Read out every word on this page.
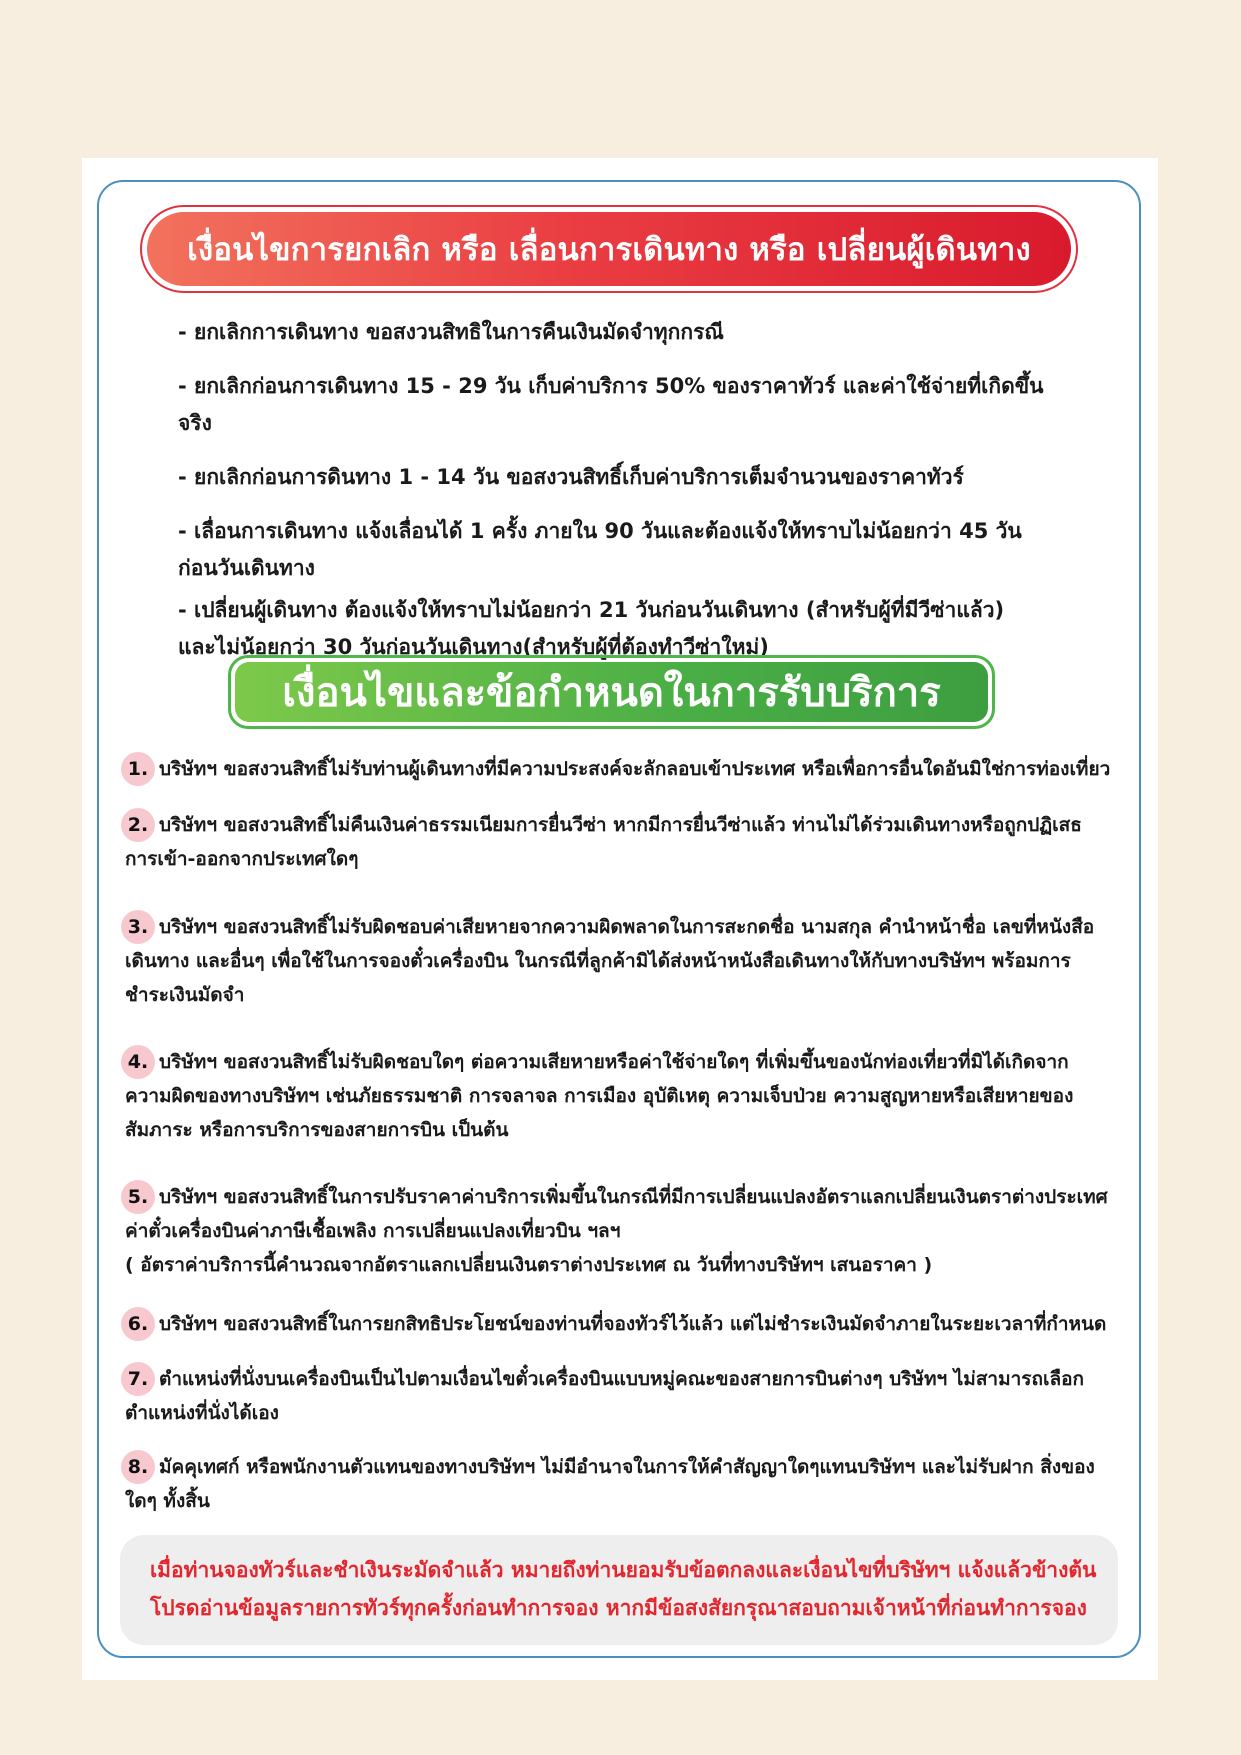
เงื่อนไขการยกเลิก หรือ เลื่อนการเดินทาง หรือ เปลี่ยนผู้เดินทาง
- ยกเลิกการเดินทาง ขอสงวนสิทธิในการคืนเงินมัดจำทุกกรณี
- ยกเลิกก่อนการเดินทาง 15 - 29 วัน เก็บค่าบริการ 50% ของราคาทัวร์ และค่าใช้จ่ายที่เกิดขึ้นจริง
- ยกเลิกก่อนการดินทาง 1 - 14 วัน ขอสงวนสิทธิ์เก็บค่าบริการเต็มจำนวนของราคาทัวร์
- เลื่อนการเดินทาง แจ้งเลื่อนได้ 1 ครั้ง ภายใน 90 วันและต้องแจ้งให้ทราบไม่น้อยกว่า 45 วัน ก่อนวันเดินทาง
- เปลี่ยนผู้เดินทาง ต้องแจ้งให้ทราบไม่น้อยกว่า 21 วันก่อนวันเดินทาง (สำหรับผู้ที่มีวีซ่าแล้ว) และไม่น้อยกว่า 30 วันก่อนวันเดินทาง(สำหรับผู้ที่ต้องทำวีซ่าใหม่)
เงื่อนไขและข้อกำหนดในการรับบริการ
1. บริษัทฯ ขอสงวนสิทธิ์ไม่รับท่านผู้เดินทางที่มีความประสงค์จะลักลอบเข้าประเทศ หรือเพื่อการอื่นใดอันมิใช่การท่องเที่ยว
2. บริษัทฯ ขอสงวนสิทธิ์ไม่คืนเงินค่าธรรมเนียมการยื่นวีซ่า หากมีการยื่นวีซ่าแล้ว ท่านไม่ได้ร่วมเดินทางหรือถูกปฏิเสธ การเข้า-ออกจากประเทศใดๆ
3. บริษัทฯ ขอสงวนสิทธิ์ไม่รับผิดชอบค่าเสียหายจากความผิดพลาดในการสะกดชื่อ นามสกุล คำนำหน้าชื่อ เลขที่หนังสือ เดินทาง และอื่นๆ เพื่อใช้ในการจองตั๋วเครื่องบิน ในกรณีที่ลูกค้ามิได้ส่งหน้าหนังสือเดินทางให้กับทางบริษัทฯ พร้อมการ ชำระเงินมัดจำ
4. บริษัทฯ ขอสงวนสิทธิ์ไม่รับผิดชอบใดๆ ต่อความเสียหายหรือค่าใช้จ่ายใดๆ ที่เพิ่มขึ้นของนักท่องเที่ยวที่มิได้เกิดจาก ความผิดของทางบริษัทฯ เช่นภัยธรรมชาติ การจลาจล การเมือง อุบัติเหตุ ความเจ็บป่วย ความสูญหายหรือเสียหายของ สัมภาระ หรือการบริการของสายการบิน เป็นต้น
5. บริษัทฯ ขอสงวนสิทธิ์ในการปรับราคาค่าบริการเพิ่มขึ้นในกรณีที่มีการเปลี่ยนแปลงอัตราแลกเปลี่ยนเงินตราต่างประเทศ ค่าตั๋วเครื่องบินค่าภาษีเชื้อเพลิง การเปลี่ยนแปลงเที่ยวบิน ฯลฯ
( อัตราค่าบริการนี้คำนวณจากอัตราแลกเปลี่ยนเงินตราต่างประเทศ ณ วันที่ทางบริษัทฯ เสนอราคา )
6. บริษัทฯ ขอสงวนสิทธิ์ในการยกสิทธิประโยชน์ของท่านที่จองทัวร์ไว้แล้ว แต่ไม่ชำระเงินมัดจำภายในระยะเวลาที่กำหนด
7. ตำแหน่งที่นั่งบนเครื่องบินเป็นไปตามเงื่อนไขตั๋วเครื่องบินแบบหมู่คณะของสายการบินต่างๆ บริษัทฯ ไม่สามารถเลือก ตำแหน่งที่นั่งได้เอง
8. มัคคุเทศก์ หรือพนักงานตัวแทนของทางบริษัทฯ ไม่มีอำนาจในการให้คำสัญญาใดๆแทนบริษัทฯ และไม่รับฝาก สิ่งของใดๆ ทั้งสิ้น
เมื่อท่านจองทัวร์และชำเงินระมัดจำแล้ว หมายถึงท่านยอมรับข้อตกลงและเงื่อนไขที่บริษัทฯ แจ้งแล้วข้างต้น
โปรดอ่านข้อมูลรายการทัวร์ทุกครั้งก่อนทำการจอง หากมีข้อสงสัยกรุณาสอบถามเจ้าหน้าที่ก่อนทำการจอง
